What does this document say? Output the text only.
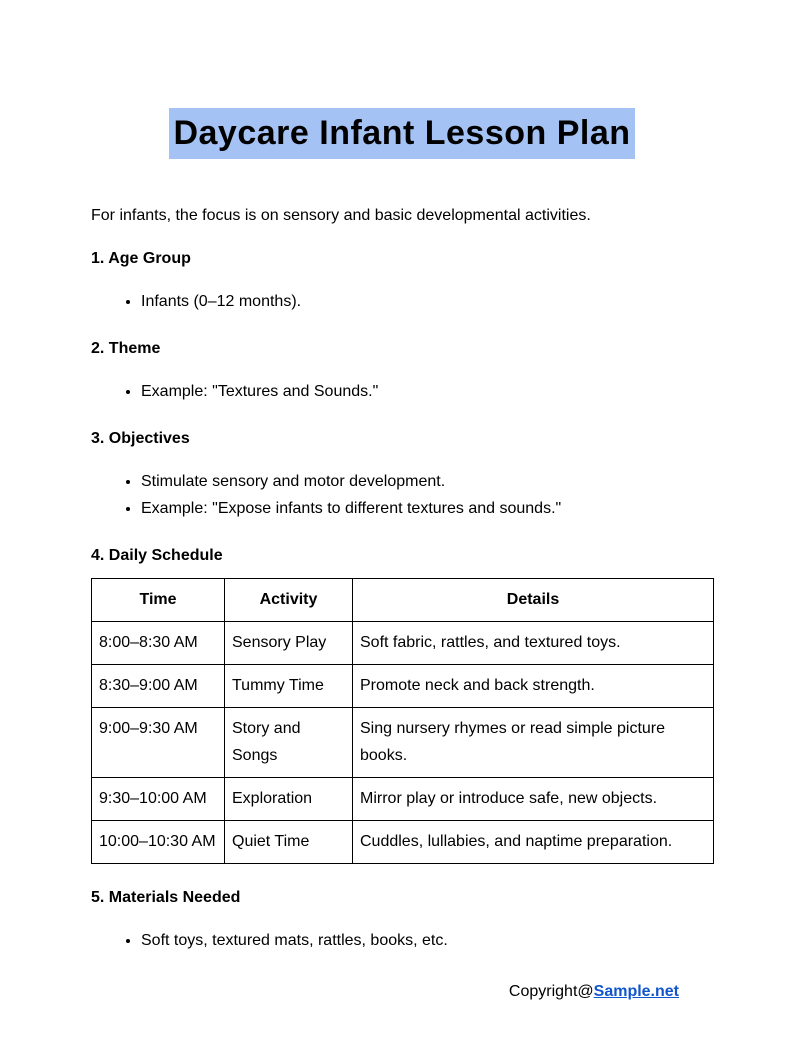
Daycare Infant Lesson Plan

For infants, the focus is on sensory and basic developmental activities.

1. Age Group
• Infants (0–12 months).
2. Theme
• Example: "Textures and Sounds."
3. Objectives
• Stimulate sensory and motor development.
• Example: "Expose infants to different textures and sounds."
4. Daily Schedule
Time	Activity	Details
8:00–8:30 AM	Sensory Play	Soft fabric, rattles, and textured toys.
8:30–9:00 AM	Tummy Time	Promote neck and back strength.
9:00–9:30 AM	Story and Songs	Sing nursery rhymes or read simple picture books.
9:30–10:00 AM	Exploration	Mirror play or introduce safe, new objects.
10:00–10:30 AM	Quiet Time	Cuddles, lullabies, and naptime preparation.
5. Materials Needed
• Soft toys, textured mats, rattles, books, etc.
Copyright@Sample.net
